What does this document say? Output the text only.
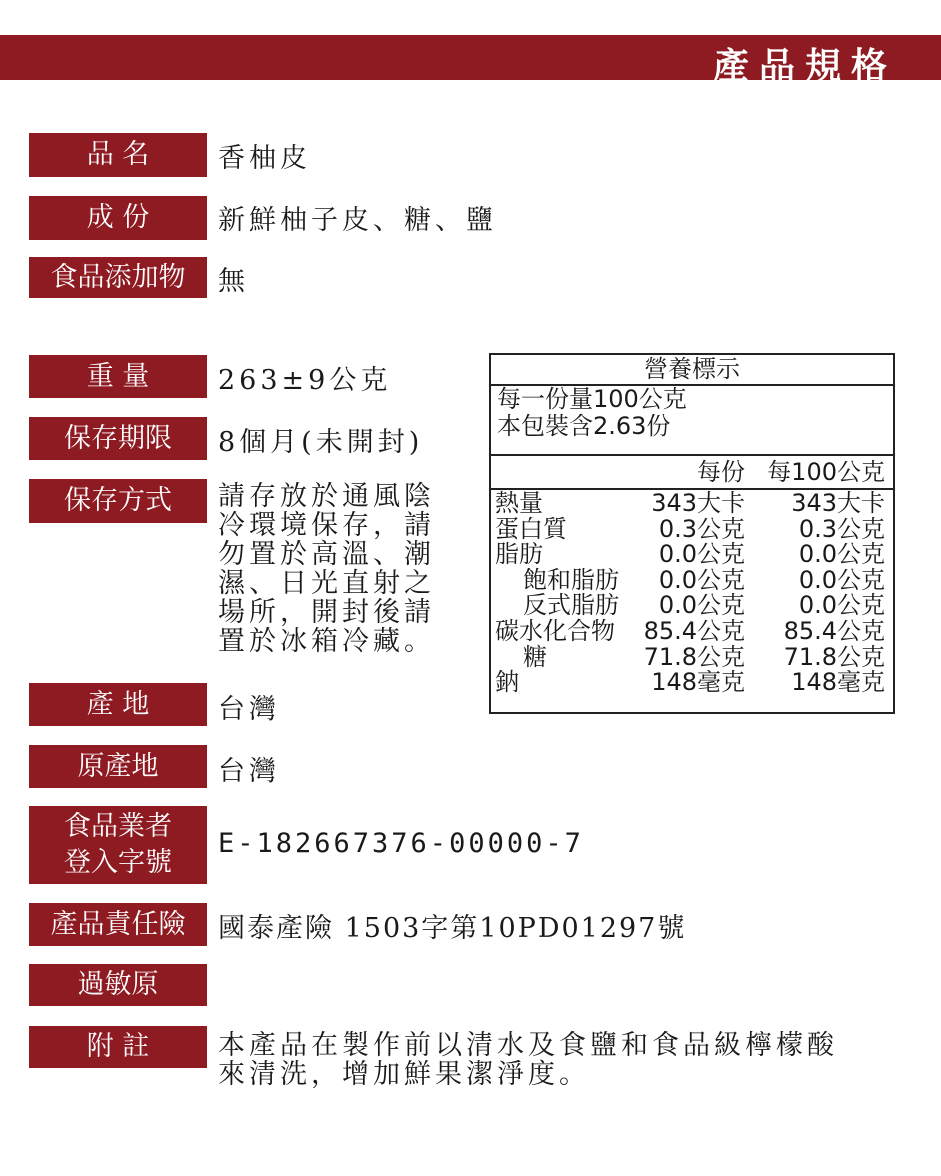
產品規格
品 名	香柚皮
成 份	新鮮柚子皮、糖、鹽
食品添加物	無
重 量	263±9公克
保存期限	8個月(未開封)
保存方式	請存放於通風陰
冷環境保存，請
勿置於高溫、潮
濕、日光直射之
場所，開封後請
置於冰箱冷藏。
產 地	台灣
原產地	台灣
食品業者
登入字號
E-182667376-00000-7
產品責任險	國泰產險 1503字第10PD01297號
過敏原
附 註	本產品在製作前以清水及食鹽和食品級檸檬酸
來清洗，增加鮮果潔淨度。
營養標示
每一份量100公克
本包裝含2.63份
每份 每100公克
熱量	343大卡 343大卡
蛋白質	0.3公克 0.3公克
脂肪	0.0公克 0.0公克
飽和脂肪 0.0公克 0.0公克
反式脂肪 0.0公克 0.0公克
碳水化合物 85.4公克 85.4公克
糖	71.8公克 71.8公克
鈉	148毫克 148毫克
